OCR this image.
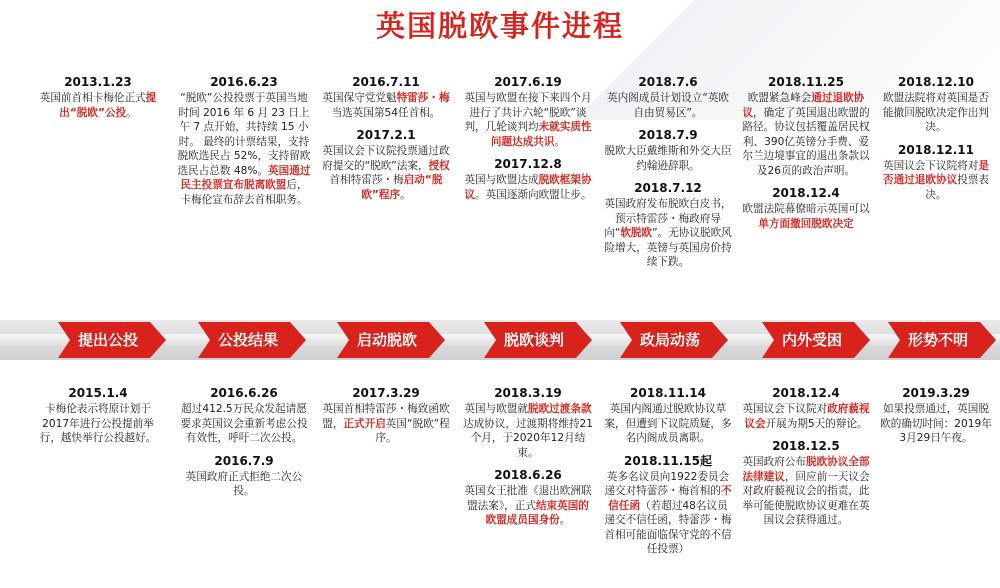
英国脱欧事件进程
2013.1.23
英国前首相卡梅伦正式提出“脱欧”公投。
2016.6.23
“脱欧”公投投票于英国当地时间 2016 年 6 月 23 日上午 7 点开始，共持续 15 小时。 最终的计票结果，支持脱欧选民占 52%，支持留欧选民占总数 48%。英国通过民主投票宣布脱离欧盟后，卡梅伦宣布辞去首相职务。
2016.7.11
英国保守党党魁特雷莎・梅当选英国第54任首相。
2017.2.1
英国议会下议院投票通过政府提交的“脱欧”法案，授权首相特雷莎・梅启动“脱欧”程序。
2017.6.19
英国与欧盟在接下来四个月进行了共计六轮“脱欧”谈判，几轮谈判均未就实质性问题达成共识。
2017.12.8
英国与欧盟达成脱欧框架协议。英国逐渐向欧盟让步。
2018.7.6
英内阁成员计划设立“英欧自由贸易区”。
2018.7.9
脱欧大臣戴维斯和外交大臣约翰逊辞职。
2018.7.12
英国政府发布脱欧白皮书，预示特雷莎・梅政府导向“软脱欧”。无协议脱欧风险增大，英镑与英国房价持续下跌。
2018.11.25
欧盟紧急峰会通过退欧协议，确定了英国退出欧盟的路径。协议包括覆盖居民权利、390亿英镑分手费、爱尔兰边境事宜的退出条款以及26页的政治声明。
2018.12.4
欧盟法院幕僚暗示英国可以单方面撤回脱欧决定
2018.12.10
欧盟法院将对英国是否能撤回脱欧决定作出判决。
2018.12.11
英国议会下议院将对是否通过退欧协议投票表决。
提出公投	公投结果	启动脱欧	脱欧谈判	政局动荡	内外受困	形势不明
2015.1.4
卡梅伦表示将原计划于2017年进行公投提前举行，越快举行公投越好。
2016.6.26
超过412.5万民众发起请愿要求英国议会重新考虑公投有效性，呼吁二次公投。
2016.7.9
英国政府正式拒绝二次公投。
2017.3.29
英国首相特雷莎・梅致函欧盟，正式开启英国“脱欧”程序。
2018.3.19
英国与欧盟就脱欧过渡条款达成协议，过渡期将维持21个月，于2020年12月结束。
2018.6.26
英国女王批准《退出欧洲联盟法案》，正式结束英国的欧盟成员国身份。
2018.11.14
英国内阁通过脱欧协议草案，但遭到下议院质疑，多名内阁成员离职。
2018.11.15起
英多名议员向1922委员会递交对特蕾莎・梅首相的不信任函（若超过48名议员递交不信任函，特蕾莎・梅首相可能面临保守党的不信任投票）
2018.12.4
英国议会下议院对政府藐视议会开展为期5天的辩论。
2018.12.5
英国政府公布脱欧协议全部法律建议，回应前一天议会对政府藐视议会的指责，此举可能使脱欧协议更难在英国议会获得通过。
2019.3.29
如果投票通过，英国脱欧的确切时间：2019年3月29日午夜。
